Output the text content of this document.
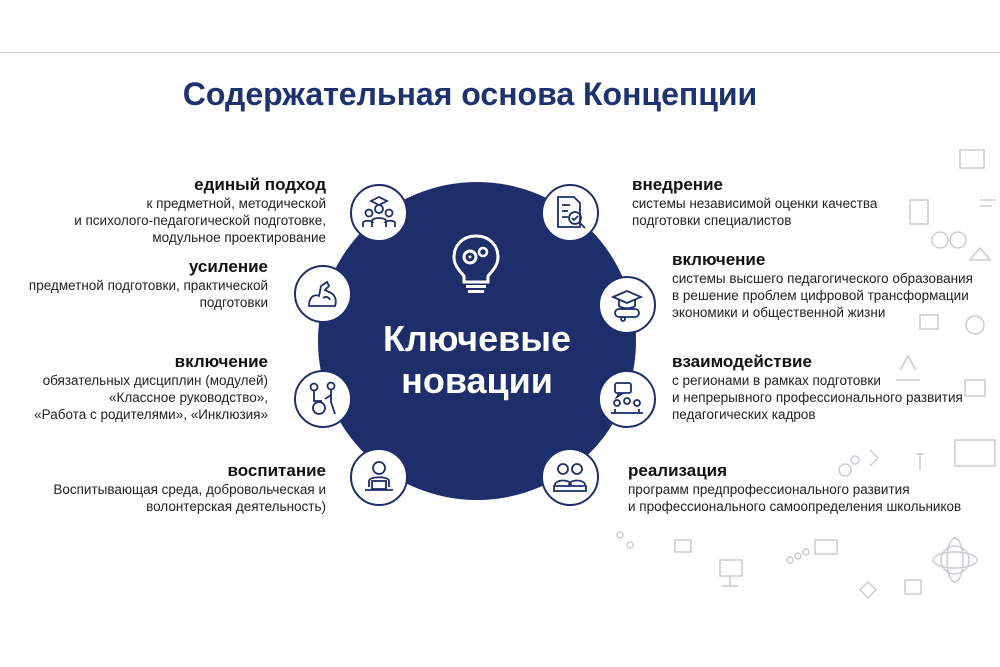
Содержательная основа Концепции
Ключевые
новации
единый подход
к предметной, методической
и психолого-педагогической подготовке,
модульное проектирование
усиление
предметной подготовки, практической
подготовки
включение
обязательных дисциплин (модулей)
«Классное руководство»,
«Работа с родителями», «Инклюзия»
воспитание
Воспитывающая среда, добровольческая и
волонтерская деятельность)
внедрение
системы независимой оценки качества
подготовки специалистов
включение
системы высшего педагогического образования
в решение проблем цифровой трансформации
экономики и общественной жизни
взаимодействие
с регионами в рамках подготовки
и непрерывного профессионального развития
педагогических кадров
реализация
программ предпрофессионального развития
и профессионального самоопределения школьников
